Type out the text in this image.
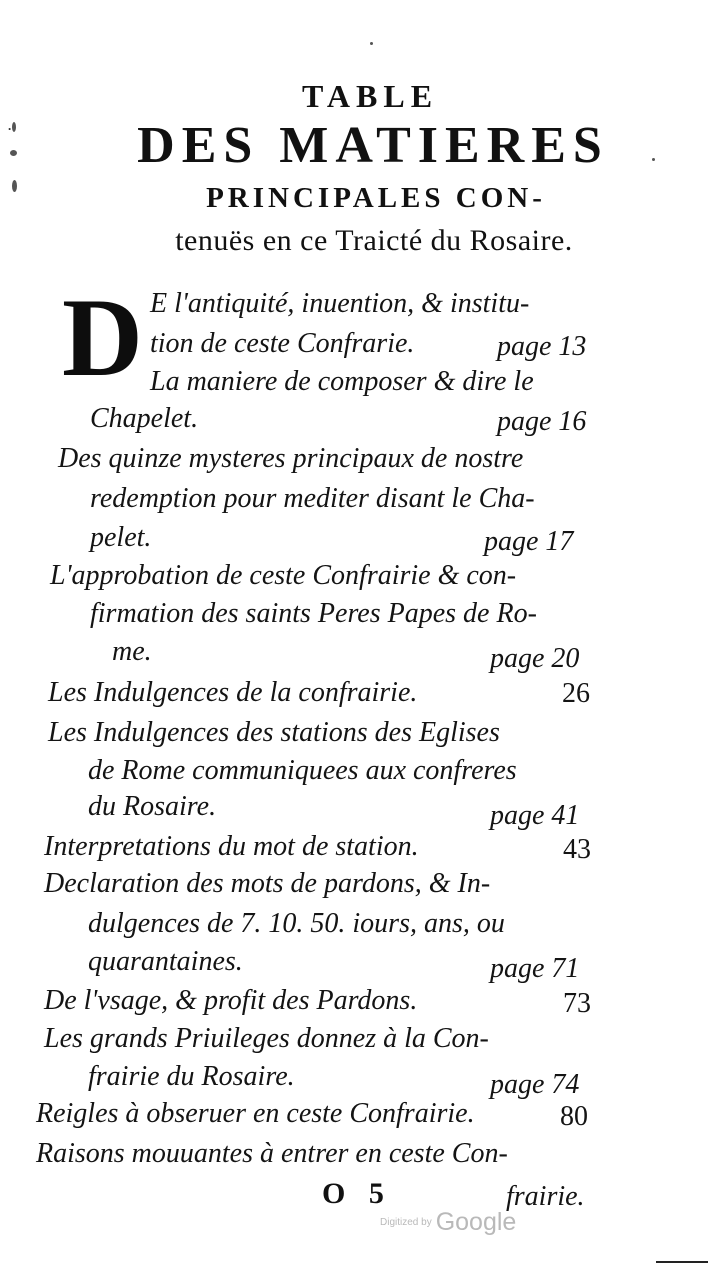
.
TABLE
DES MATIERES
PRINCIPALES CON-
tenuës en ce Traicté du Rosaire.
D E l'antiquité, inuention, & institu-
tion de ceste Confrarie.	page 13
La maniere de composer & dire le
Chapelet.	page 16
Des quinze mysteres principaux de nostre
redemption pour mediter disant le Cha-
pelet.	page 17
L'approbation de ceste Confrairie & con-
firmation des saints Peres Papes de Ro-
me.	page 20
Les Indulgences de la confrairie.	26
Les Indulgences des stations des Eglises
de Rome communiquees aux confreres
du Rosaire.	page 41
Interpretations du mot de station.	43
Declaration des mots de pardons, & In-
dulgences de 7. 10. 50. iours, ans, ou
quarantaines.	page 71
De l'vsage, & profit des Pardons.	73
Les grands Priuileges donnez à la Con-
frairie du Rosaire.	page 74
Reigles à obseruer en ceste Confrairie.	80
Raisons mouuantes à entrer en ceste Con-
O 5	frairie.
Digitized by Google
